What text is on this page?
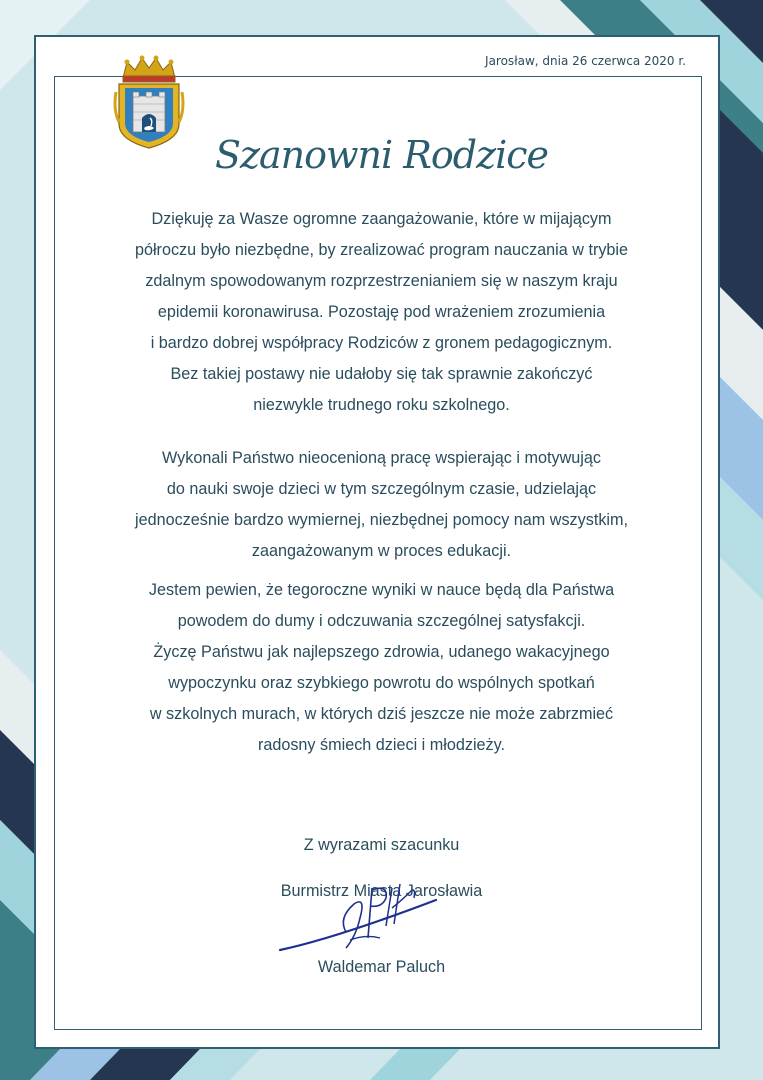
Jarosław, dnia 26 czerwca 2020 r.
Szanowni Rodzice

Dziękuję za Wasze ogromne zaangażowanie, które w mijającym
półroczu było niezbędne, by zrealizować program nauczania w trybie
zdalnym spowodowanym rozprzestrzenianiem się w naszym kraju
epidemii koronawirusa. Pozostaję pod wrażeniem zrozumienia
i bardzo dobrej współpracy Rodziców z gronem pedagogicznym.
Bez takiej postawy nie udałoby się tak sprawnie zakończyć
niezwykle trudnego roku szkolnego.

Wykonali Państwo nieocenioną pracę wspierając i motywując
do nauki swoje dzieci w tym szczególnym czasie, udzielając
jednocześnie bardzo wymiernej, niezbędnej pomocy nam wszystkim,
zaangażowanym w proces edukacji.

Jestem pewien, że tegoroczne wyniki w nauce będą dla Państwa
powodem do dumy i odczuwania szczególnej satysfakcji.
Życzę Państwu jak najlepszego zdrowia, udanego wakacyjnego
wypoczynku oraz szybkiego powrotu do wspólnych spotkań
w szkolnych murach, w których dziś jeszcze nie może zabrzmieć
radosny śmiech dzieci i młodzieży.

Z wyrazami szacunku
Burmistrz Miasta Jarosławia
Waldemar Paluch
